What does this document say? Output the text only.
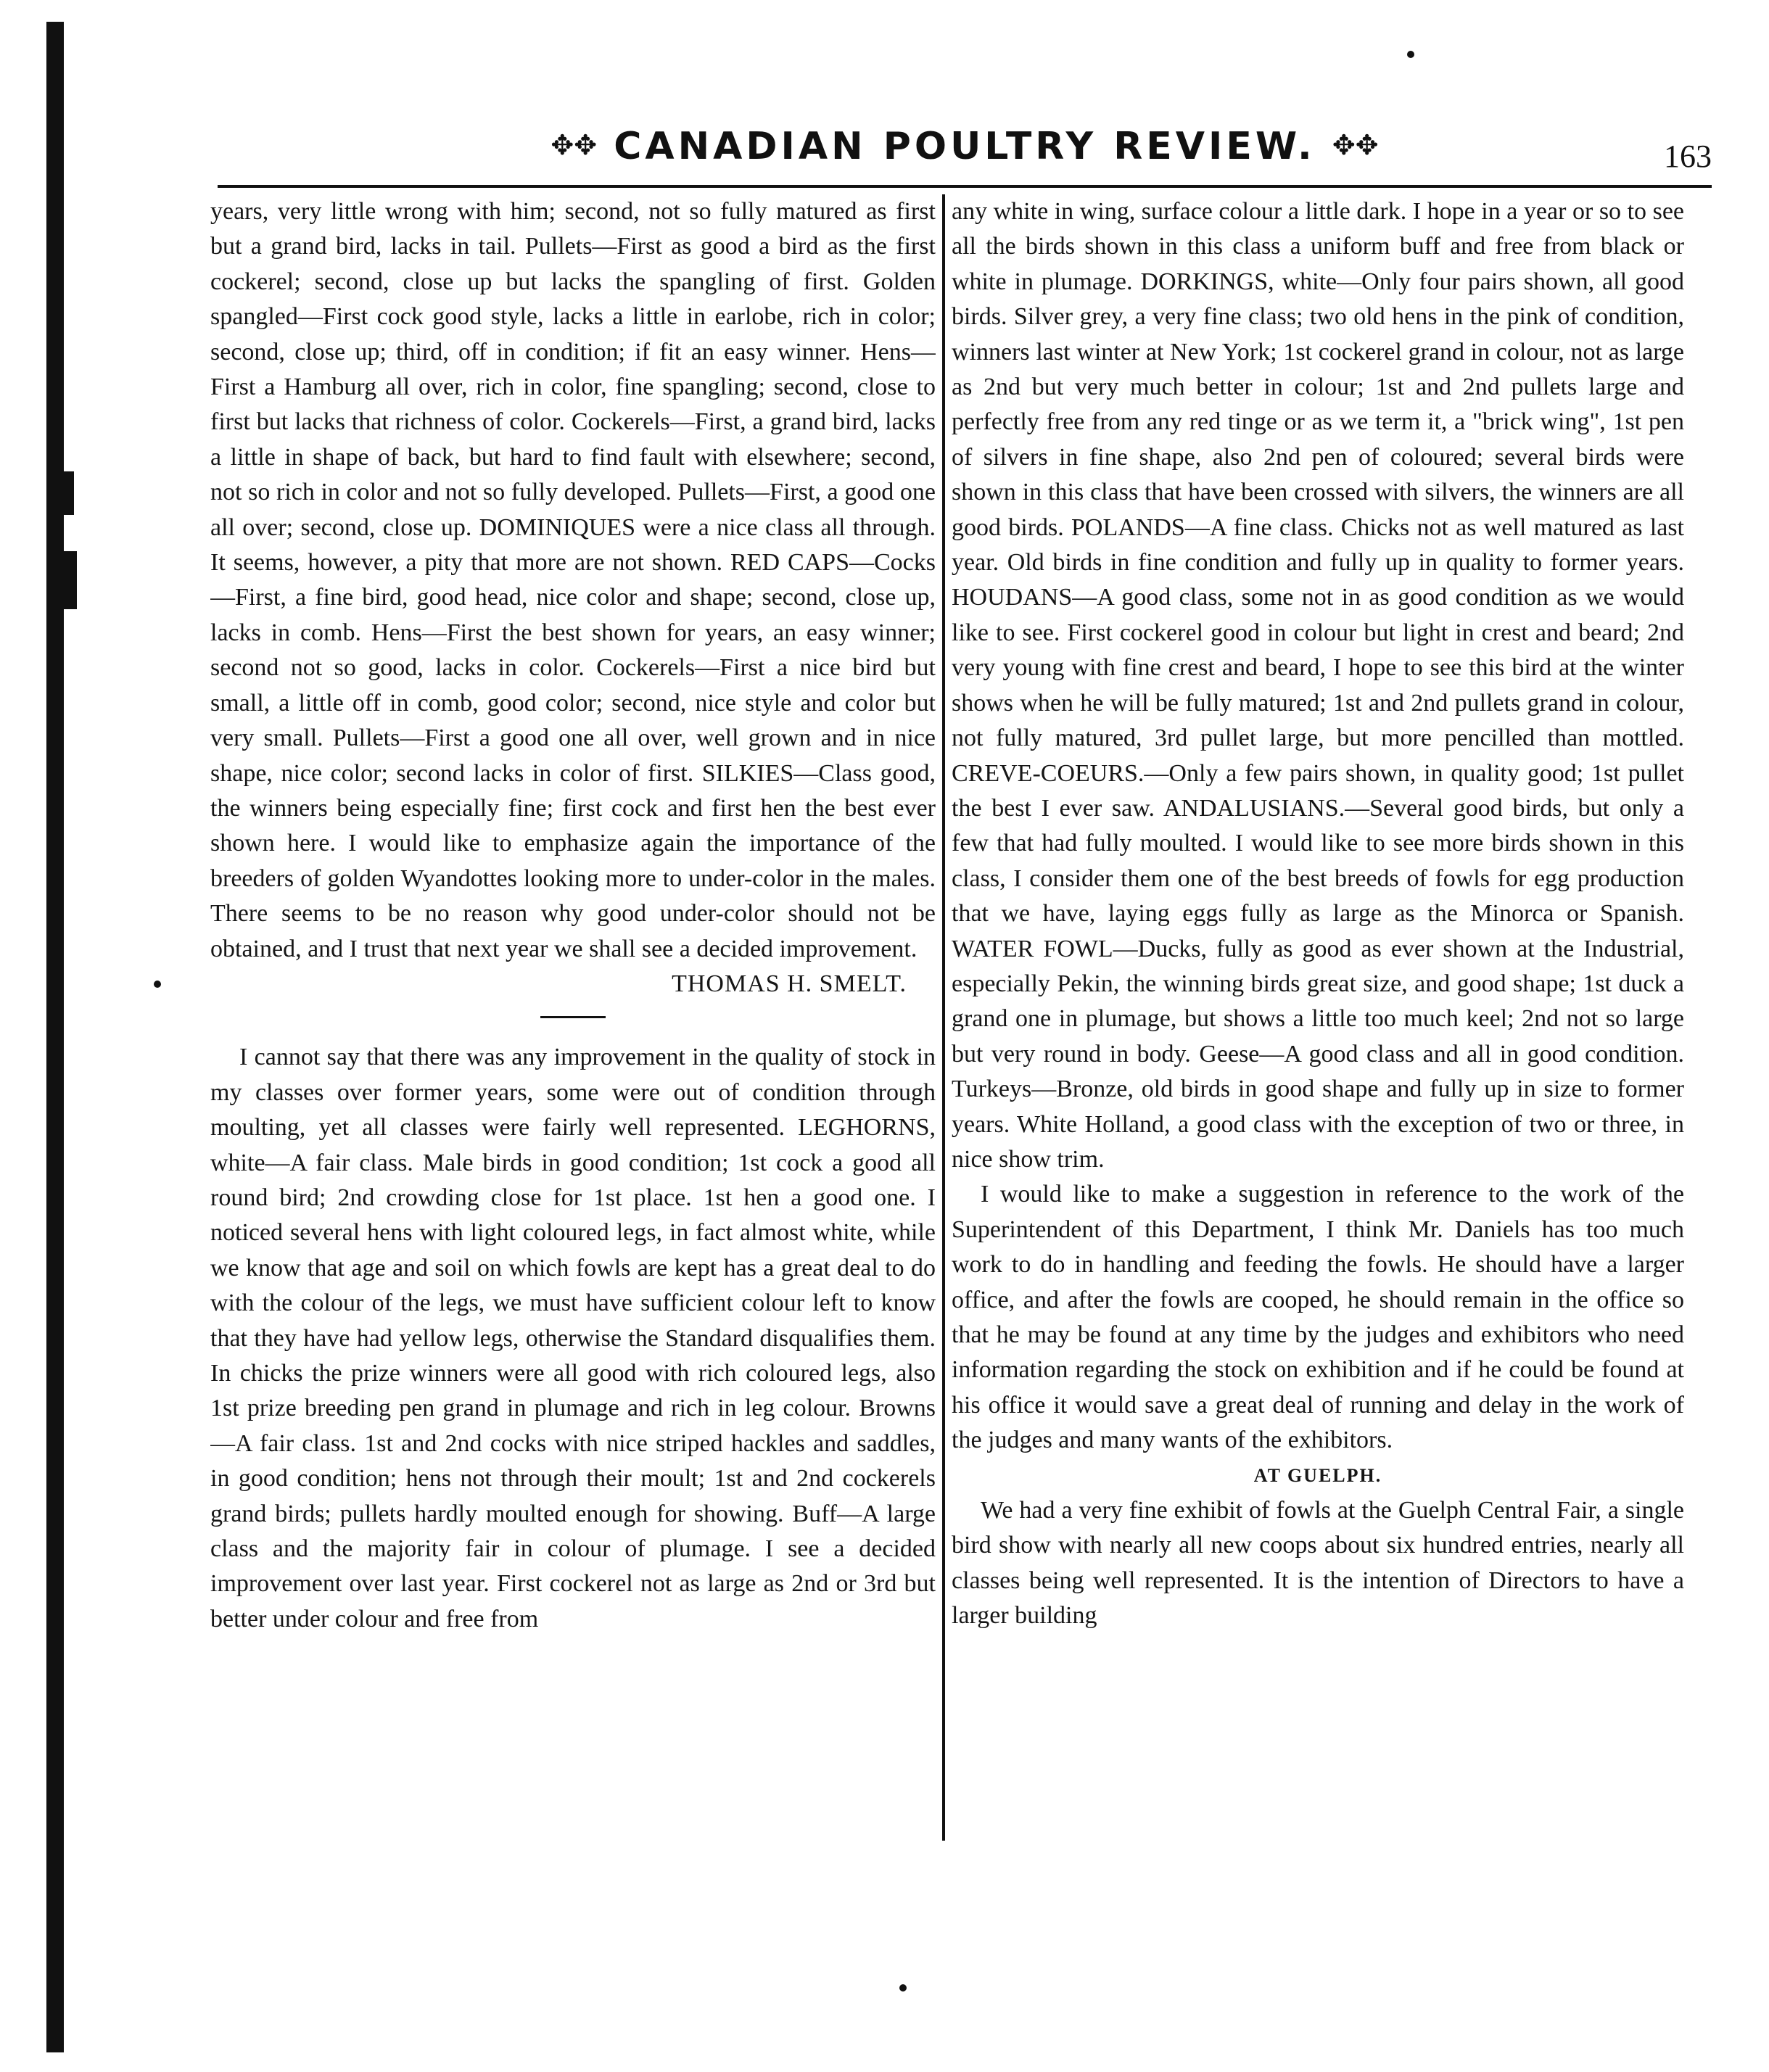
✥✥ CANADIAN POULTRY REVIEW. ✥✥	163

years, very little wrong with him; second, not so fully matured as first but a grand bird, lacks in tail. Pullets—First as good a bird as the first cockerel; second, close up but lacks the spangling of first. Golden spangled—First cock good style, lacks a little in earlobe, rich in color; second, close up; third, off in condition; if fit an easy winner. Hens—First a Hamburg all over, rich in color, fine spangling; second, close to first but lacks that richness of color. Cockerels—First, a grand bird, lacks a little in shape of back, but hard to find fault with elsewhere; second, not so rich in color and not so fully developed. Pullets—First, a good one all over; second, close up. DOMINIQUES were a nice class all through. It seems, however, a pity that more are not shown. RED CAPS—Cocks—First, a fine bird, good head, nice color and shape; second, close up, lacks in comb. Hens—First the best shown for years, an easy winner; second not so good, lacks in color. Cockerels—First a nice bird but small, a little off in comb, good color; second, nice style and color but very small. Pullets—First a good one all over, well grown and in nice shape, nice color; second lacks in color of first. SILKIES—Class good, the winners being especially fine; first cock and first hen the best ever shown here. I would like to emphasize again the importance of the breeders of golden Wyandottes looking more to under-color in the males. There seems to be no reason why good under-color should not be obtained, and I trust that next year we shall see a decided improvement.

THOMAS H. SMELT.

I cannot say that there was any improvement in the quality of stock in my classes over former years, some were out of condition through moulting, yet all classes were fairly well represented. LEGHORNS, white—A fair class. Male birds in good condition; 1st cock a good all round bird; 2nd crowding close for 1st place. 1st hen a good one. I noticed several hens with light coloured legs, in fact almost white, while we know that age and soil on which fowls are kept has a great deal to do with the colour of the legs, we must have sufficient colour left to know that they have had yellow legs, otherwise the Standard disqualifies them. In chicks the prize winners were all good with rich coloured legs, also 1st prize breeding pen grand in plumage and rich in leg colour. Browns—A fair class. 1st and 2nd cocks with nice striped hackles and saddles, in good condition; hens not through their moult; 1st and 2nd cockerels grand birds; pullets hardly moulted enough for showing. Buff—A large class and the majority fair in colour of plumage. I see a decided improvement over last year. First cockerel not as large as 2nd or 3rd but better under colour and free from

any white in wing, surface colour a little dark. I hope in a year or so to see all the birds shown in this class a uniform buff and free from black or white in plumage. DORKINGS, white—Only four pairs shown, all good birds. Silver grey, a very fine class; two old hens in the pink of condition, winners last winter at New York; 1st cockerel grand in colour, not as large as 2nd but very much better in colour; 1st and 2nd pullets large and perfectly free from any red tinge or as we term it, a "brick wing", 1st pen of silvers in fine shape, also 2nd pen of coloured; several birds were shown in this class that have been crossed with silvers, the winners are all good birds. POLANDS—A fine class. Chicks not as well matured as last year. Old birds in fine condition and fully up in quality to former years. HOUDANS—A good class, some not in as good condition as we would like to see. First cockerel good in colour but light in crest and beard; 2nd very young with fine crest and beard, I hope to see this bird at the winter shows when he will be fully matured; 1st and 2nd pullets grand in colour, not fully matured, 3rd pullet large, but more pencilled than mottled. CREVE-COEURS.—Only a few pairs shown, in quality good; 1st pullet the best I ever saw. ANDALUSIANS.—Several good birds, but only a few that had fully moulted. I would like to see more birds shown in this class, I consider them one of the best breeds of fowls for egg production that we have, laying eggs fully as large as the Minorca or Spanish. WATER FOWL—Ducks, fully as good as ever shown at the Industrial, especially Pekin, the winning birds great size, and good shape; 1st duck a grand one in plumage, but shows a little too much keel; 2nd not so large but very round in body. Geese—A good class and all in good condition. Turkeys—Bronze, old birds in good shape and fully up in size to former years. White Holland, a good class with the exception of two or three, in nice show trim.

I would like to make a suggestion in reference to the work of the Superintendent of this Department, I think Mr. Daniels has too much work to do in handling and feeding the fowls. He should have a larger office, and after the fowls are cooped, he should remain in the office so that he may be found at any time by the judges and exhibitors who need information regarding the stock on exhibition and if he could be found at his office it would save a great deal of running and delay in the work of the judges and many wants of the exhibitors.

AT GUELPH.

We had a very fine exhibit of fowls at the Guelph Central Fair, a single bird show with nearly all new coops about six hundred entries, nearly all classes being well represented. It is the intention of Directors to have a larger building
